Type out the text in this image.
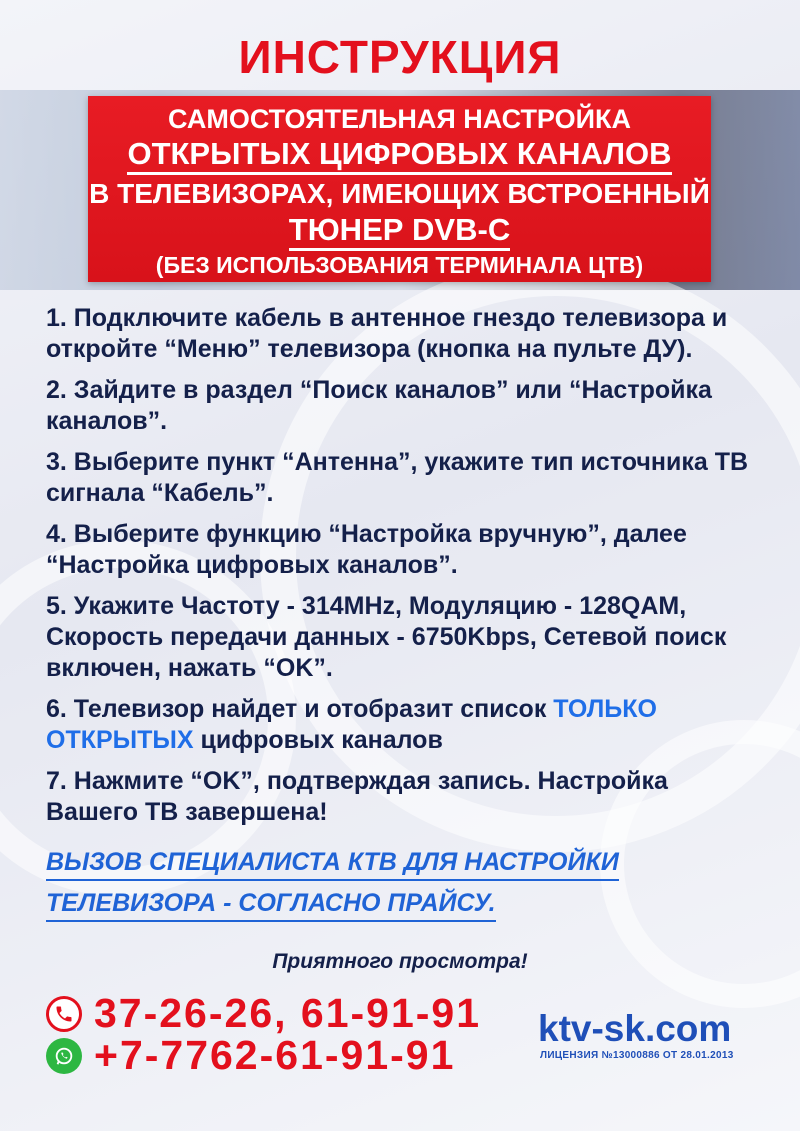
ИНСТРУКЦИЯ
САМОСТОЯТЕЛЬНАЯ НАСТРОЙКА
ОТКРЫТЫХ ЦИФРОВЫХ КАНАЛОВ
В ТЕЛЕВИЗОРАХ, ИМЕЮЩИХ ВСТРОЕННЫЙ
ТЮНЕР DVB-C
(БЕЗ ИСПОЛЬЗОВАНИЯ ТЕРМИНАЛА ЦТВ)
1. Подключите кабель в антенное гнездо телевизора и откройте “Меню” телевизора (кнопка на пульте ДУ).
2. Зайдите в раздел “Поиск каналов” или “Настройка каналов”.
3. Выберите пункт “Антенна”, укажите тип источника ТВ сигнала “Кабель”.
4. Выберите функцию “Настройка вручную”, далее “Настройка цифровых каналов”.
5. Укажите Частоту - 314MHz, Модуляцию - 128QAM, Скорость передачи данных - 6750Kbps, Сетевой поиск включен, нажать “OK”.
6. Телевизор найдет и отобразит список ТОЛЬКО ОТКРЫТЫХ цифровых каналов
7. Нажмите “OK”, подтверждая запись. Настройка Вашего ТВ завершена!
ВЫЗОВ СПЕЦИАЛИСТА КТВ ДЛЯ НАСТРОЙКИ
ТЕЛЕВИЗОРА - СОГЛАСНО ПРАЙСУ.
Приятного просмотра!
37-26-26, 61-91-91
+7-7762-61-91-91
ktv-sk.com
ЛИЦЕНЗИЯ №13000886 ОТ 28.01.2013
